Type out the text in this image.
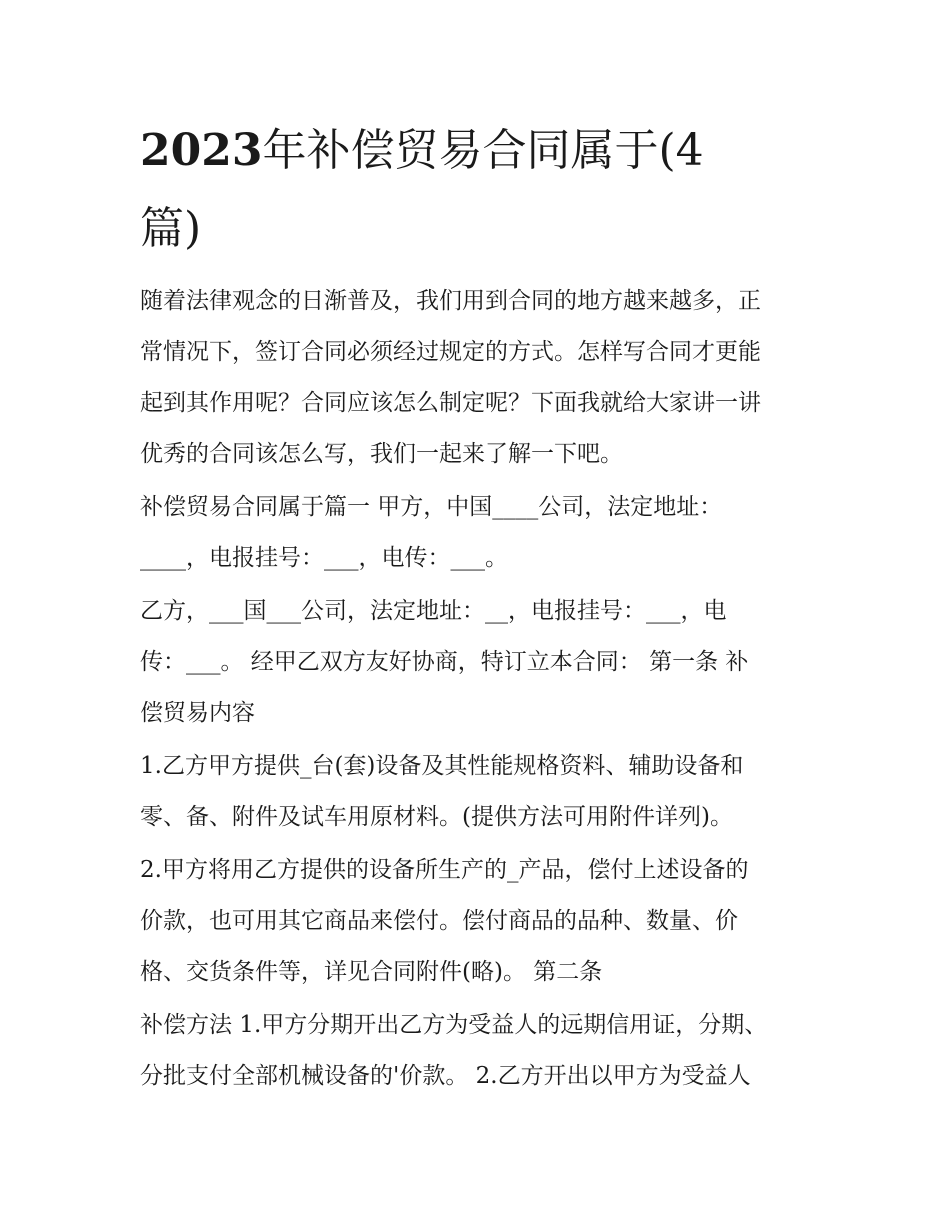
2023年补偿贸易合同属于(4
篇)
随着法律观念的日渐普及，我们用到合同的地方越来越多，正
常情况下，签订合同必须经过规定的方式。怎样写合同才更能
起到其作用呢？合同应该怎么制定呢？下面我就给大家讲一讲
优秀的合同该怎么写，我们一起来了解一下吧。
补偿贸易合同属于篇一 甲方，中国____公司，法定地址：
____，电报挂号：___，电传：___。
乙方，___国___公司，法定地址：__，电报挂号：___，电
传：___。 经甲乙双方友好协商，特订立本合同： 第一条 补
偿贸易内容
1.乙方甲方提供_台(套)设备及其性能规格资料、辅助设备和
零、备、附件及试车用原材料。(提供方法可用附件详列)。
2.甲方将用乙方提供的设备所生产的_产品，偿付上述设备的
价款，也可用其它商品来偿付。偿付商品的品种、数量、价
格、交货条件等，详见合同附件(略)。 第二条
补偿方法 1.甲方分期开出乙方为受益人的远期信用证，分期、
分批支付全部机械设备的'价款。 2.乙方开出以甲方为受益人
